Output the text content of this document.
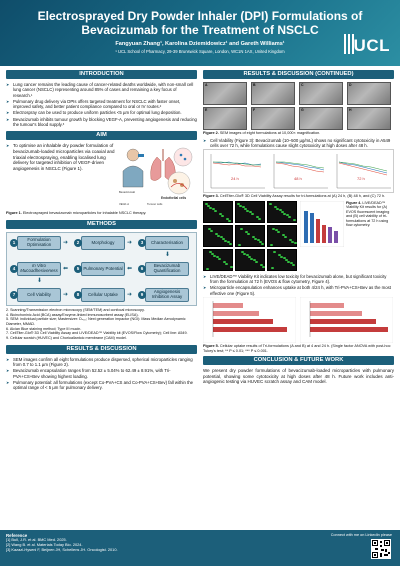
Electrosprayed Dry Powder Inhaler (DPI) Formulations of
Bevacizumab for the Treatment of NSCLC
Fangyuan Zhang¹, Karolina Dziemidowicz¹ and Gareth Williams¹
¹ UCL School of Pharmacy, 29-39 Brunswick Square, London, WC1N 1AX, United Kingdom	UCL
INTRODUCTION
➤ Lung cancer remains the leading cause of cancer-related deaths worldwide, with non-small cell lung cancer (NSCLC) representing around 85% of cases and remaining a key focus of research.¹
➤ Pulmonary drug delivery via DPIs offers targeted treatment for NSCLC with faster onset, improved safety, and better patient compliance compared to oral or IV routes.²
➤ Electrospray can be used to produce uniform particles <5 µm for optimal lung deposition.
➤ Bevacizumab inhibits tumour growth by blocking VEGF-A, preventing angiogenesis and reducing the tumour's blood supply.³
AIM
➤ To optimise an inhalable dry powder formulation of bevacizumab-loaded microparticles via coaxial and triaxial electrospraying, enabling localised lung delivery for targeted inhibition of VEGF-driven angiogenesis in NSCLC (Figure 1).
Endothelial cells
Bevacizumab
VEGF-A	Tumour cells
Figure 1. Electrosprayed bevacizumab microparticles for inhalable NSCLC therapy.
METHODS
Formulation Optimisation
1	Morphology
2	Characterisation
3
In Vitro Mucoadhesiveness
4	Pulmonary Potential
5
Bevacizumab Quantification
6
Cell Viability
7	Cellular Uptake
8
Angiogenesis Inhibition Assay
9
➜	➜
⬇
⬅
⬅
⬇
➜	➜
2. Scanning/Transmission electron microscopy (SEM/TEM) and confocal microscopy.
4. Bicinchoninic Acid (BCA) assay/Enzyme-linked immunosorbent assay (ELISA).
5. SEM: individual particle size; Mastersizer: Dᵥ₅₀; Next generation impactor (NGI): Mass Median Aerodynamic Diameter, MMAD.
6. Alcian Blue staining method; Type III mucin.
7. CellTiter-Glo® 3D Cell Viability Assay and LIVE/DEAD™ Viability kit (EVOS/Flow Cytometry); Cell line: A549.
9. Cellular scratch (HUVEC) and Chorioallantoic membrane (CAM) model.
RESULTS & DISCUSSION
➤ SEM images confirm all eight formulations produce dispersed, spherical microparticles ranging from 0.7 to 1.1 µm (Figure 2).
➤ Bevacizumab encapsulation ranges from 52.52 ± 5.04% to 62.49 ± 8.91%, with Tri-PVA+CS+Bev showing highest loading.
➤ Pulmonary potential: all formulations (except Co-PVA+CS and Co-PVA+CS+Bev) fall within the optimal range of < 5 µm for pulmonary delivery.
RESULTS & DISCUSSION (CONTINUED)
A	B	C	D
E	F	G	H
Figure 2. SEM images of eight formulations at 10,000× magnification.
➤ Cell Viability (Figure 3): Bevacizumab (10–500 µg/mL) shows no significant cytotoxicity in A549 cells over 72 h, while formulations cause slight cytotoxicity at high doses after 48 h.
24 h	48 h	72 h
Figure 3. CellTiter-Glo® 3D Cell Viability Assay results for tri-formulations at (A) 24 h, (B) 48 h, and (C) 72 h.
Figure 4. LIVE/DEAD™ Viability Kit results for (A) EVOS fluorescent imaging and (B) cell viability of tri-formulations at 72 h using flow cytometry.
➤ LIVE/DEAD™ Viability Kit indicates low toxicity for bevacizumab alone, but significant toxicity from the formulation at 72 h (EVOS & flow cytometry, Figure 4).
➤ Microparticle encapsulation enhances uptake at both 4/24 h, with Tri-PVA+CS+Bev as the most effective one (Figure 5).
Figure 5. Cellular uptake results of Tri-formulations (A and B) at 4 and 24 h. (Single factor ANOVA with post-hoc Tukey's test; ** P ≤ 0.01; *** P ≤ 0.001.
CONCLUSION & FUTURE WORK

We present dry powder formulations of bevacizumab-loaded microparticles with pulmonary potential, showing some cytotoxicity at high doses after 48 h. Future work includes anti-angiogenic testing via HUVEC scratch assay and CAM model.

Reference
[1] Bull, J.R. et al. BMC Med. 2025.
[2] Wang B. et al. Materials Today Bio. 2024.
[3] Kazazi-Hyseni F, Beijnen JH, Schellens JH. Oncologist. 2010.
Connect with me on LinkedIn please
